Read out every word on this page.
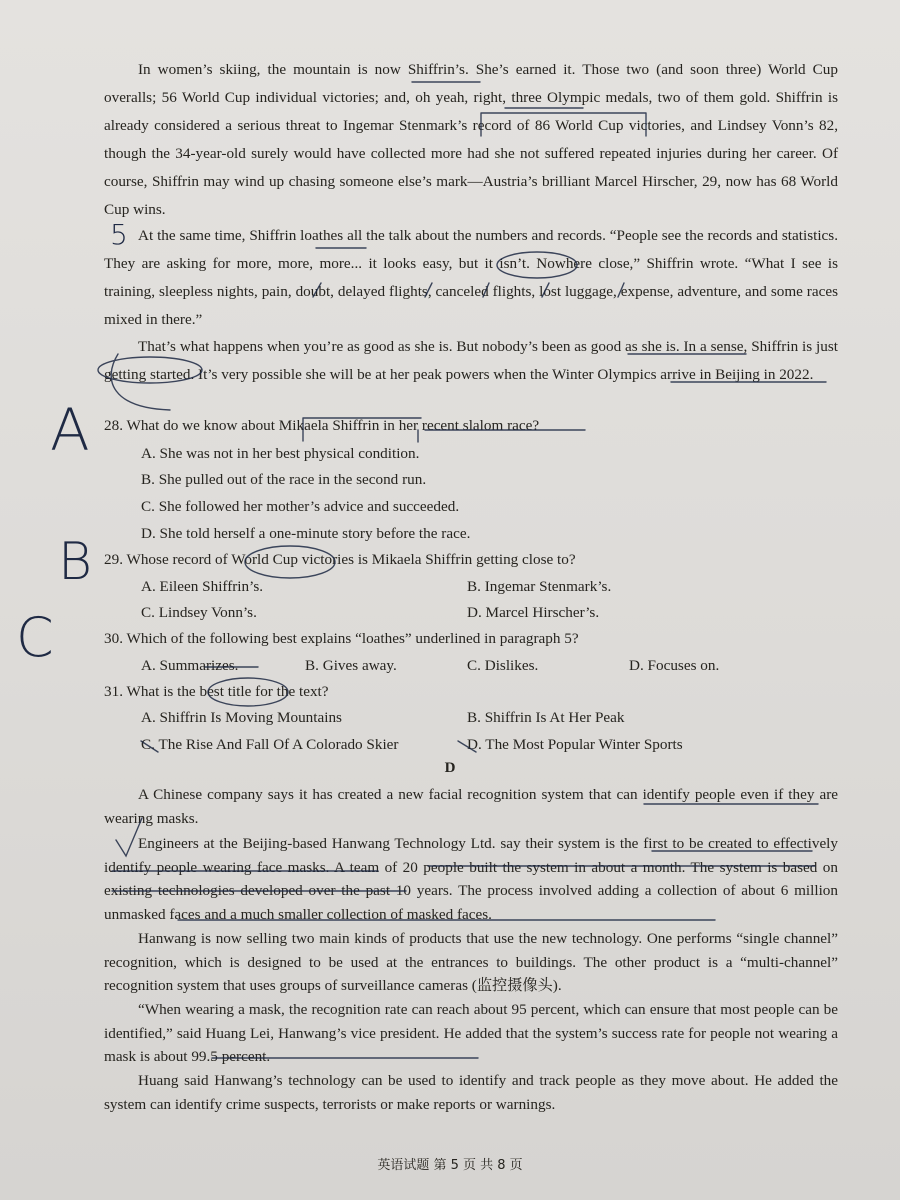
In women’s skiing, the mountain is now Shiffrin’s. She’s earned it. Those two (and soon three) World Cup overalls; 56 World Cup individual victories; and, oh yeah, right, three Olympic medals, two of them gold. Shiffrin is already considered a serious threat to Ingemar Stenmark’s record of 86 World Cup victories, and Lindsey Vonn’s 82, though the 34-year-old surely would have collected more had she not suffered repeated injuries during her career. Of course, Shiffrin may wind up chasing someone else’s mark—Austria’s brilliant Marcel Hirscher, 29, now has 68 World Cup wins.

At the same time, Shiffrin loathes all the talk about the numbers and records. “People see the records and statistics. They are asking for more, more, more... it looks easy, but it isn’t. Nowhere close,” Shiffrin wrote. “What I see is training, sleepless nights, pain, doubt, delayed flights, canceled flights, lost luggage, expense, adventure, and some races mixed in there.”

That’s what happens when you’re as good as she is. But nobody’s been as good as she is. In a sense, Shiffrin is just getting started. It’s very possible she will be at her peak powers when the Winter Olympics arrive in Beijing in 2022.

28. What do we know about Mikaela Shiffrin in her recent slalom race?
A. She was not in her best physical condition.
B. She pulled out of the race in the second run.
C. She followed her mother’s advice and succeeded.
D. She told herself a one-minute story before the race.
29. Whose record of World Cup victories is Mikaela Shiffrin getting close to?
A. Eileen Shiffrin’s.	B. Ingemar Stenmark’s.
C. Lindsey Vonn’s.	D. Marcel Hirscher’s.
30. Which of the following best explains “loathes” underlined in paragraph 5?
A. Summarizes.	B. Gives away.	C. Dislikes.	D. Focuses on.
31. What is the best title for the text?
A. Shiffrin Is Moving Mountains	B. Shiffrin Is At Her Peak
C. The Rise And Fall Of A Colorado Skier	D. The Most Popular Winter Sports
D

A Chinese company says it has created a new facial recognition system that can identify people even if they are wearing masks.

Engineers at the Beijing-based Hanwang Technology Ltd. say their system is the first to be created to effectively identify people wearing face masks. A team of 20 people built the system in about a month. The system is based on existing technologies developed over the past 10 years. The process involved adding a collection of about 6 million unmasked faces and a much smaller collection of masked faces.

Hanwang is now selling two main kinds of products that use the new technology. One performs “single channel” recognition, which is designed to be used at the entrances to buildings. The other product is a “multi-channel” recognition system that uses groups of surveillance cameras (监控摄像头).

“When wearing a mask, the recognition rate can reach about 95 percent, which can ensure that most people can be identified,” said Huang Lei, Hanwang’s vice president. He added that the system’s success rate for people not wearing a mask is about 99.5 percent.

Huang said Hanwang’s technology can be used to identify and track people as they move about. He added the system can identify crime suspects, terrorists or make reports or warnings.

英语试题 第 5 页 共 8 页
5
A
B
C
